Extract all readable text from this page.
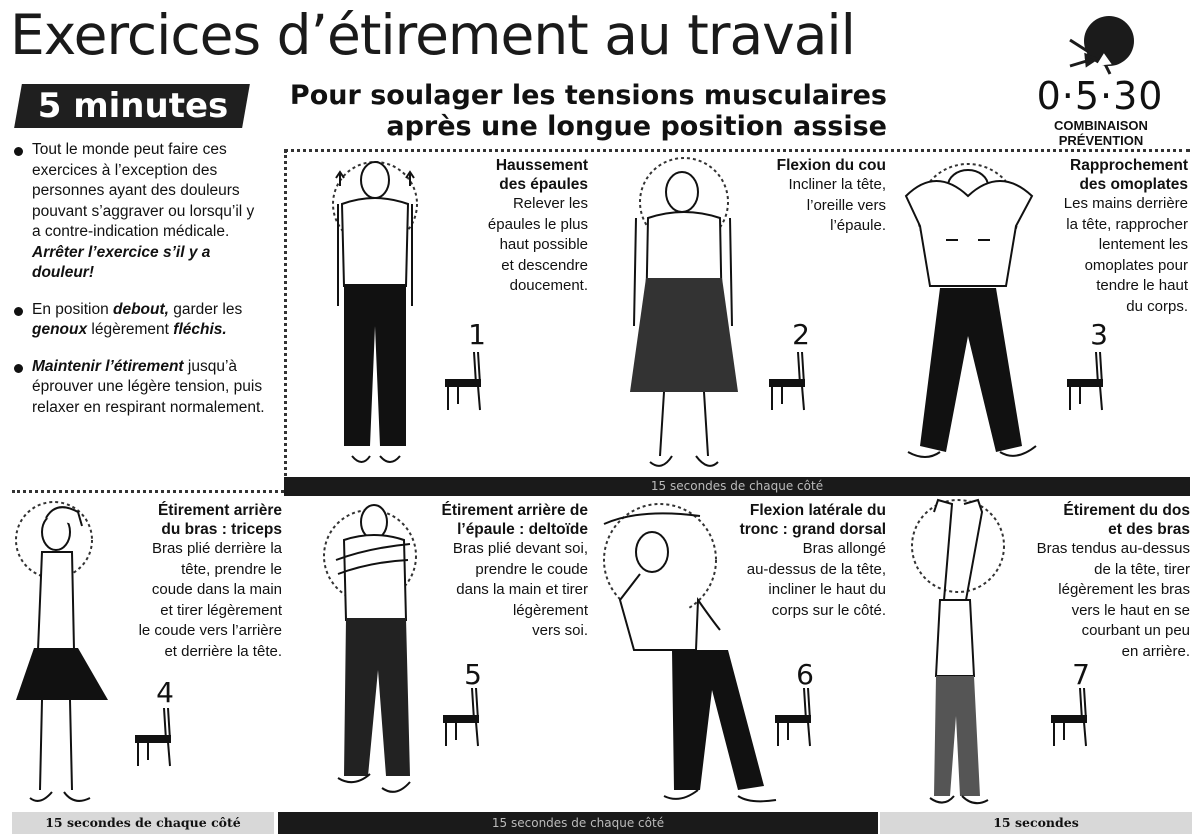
Exercices d’étirement au travail
5 minutes	Pour soulager les tensions musculaires
après une longue position assise
0·5·30
COMBINAISON PRÉVENTION
Tout le monde peut faire ces exercices à l’exception des personnes ayant des douleurs pouvant s’aggraver ou lorsqu’il y a contre-indication médicale. Arrêter l’exercice s’il y a douleur!
En position debout, garder les genoux légèrement fléchis.
Maintenir l’étirement jusqu’à éprouver une légère tension, puis relaxer en respirant normalement.
15 secondes de chaque côté
15 secondes de chaque côté	15 secondes de chaque côté	15 secondes
Haussement
des épaules
Relever les
épaules le plus
haut possible
et descendre
doucement.
Flexion du cou
Incliner la tête,
l’oreille vers
l’épaule.
Rapprochement
des omoplates
Les mains derrière
la tête, rapprocher
lentement les
omoplates pour
tendre le haut
du corps.
Étirement arrière
du bras : triceps
Bras plié derrière la
tête, prendre le
coude dans la main
et tirer légèrement
le coude vers l’arrière
et derrière la tête.
Étirement arrière de
l’épaule : deltoïde
Bras plié devant soi,
prendre le coude
dans la main et tirer
légèrement
vers soi.
Flexion latérale du
tronc : grand dorsal
Bras allongé
au-dessus de la tête,
incliner le haut du
corps sur le côté.
Étirement du dos
et des bras
Bras tendus au-dessus
de la tête, tirer
légèrement les bras
vers le haut en se
courbant un peu
en arrière.
1	2	3
4
5	6	7
